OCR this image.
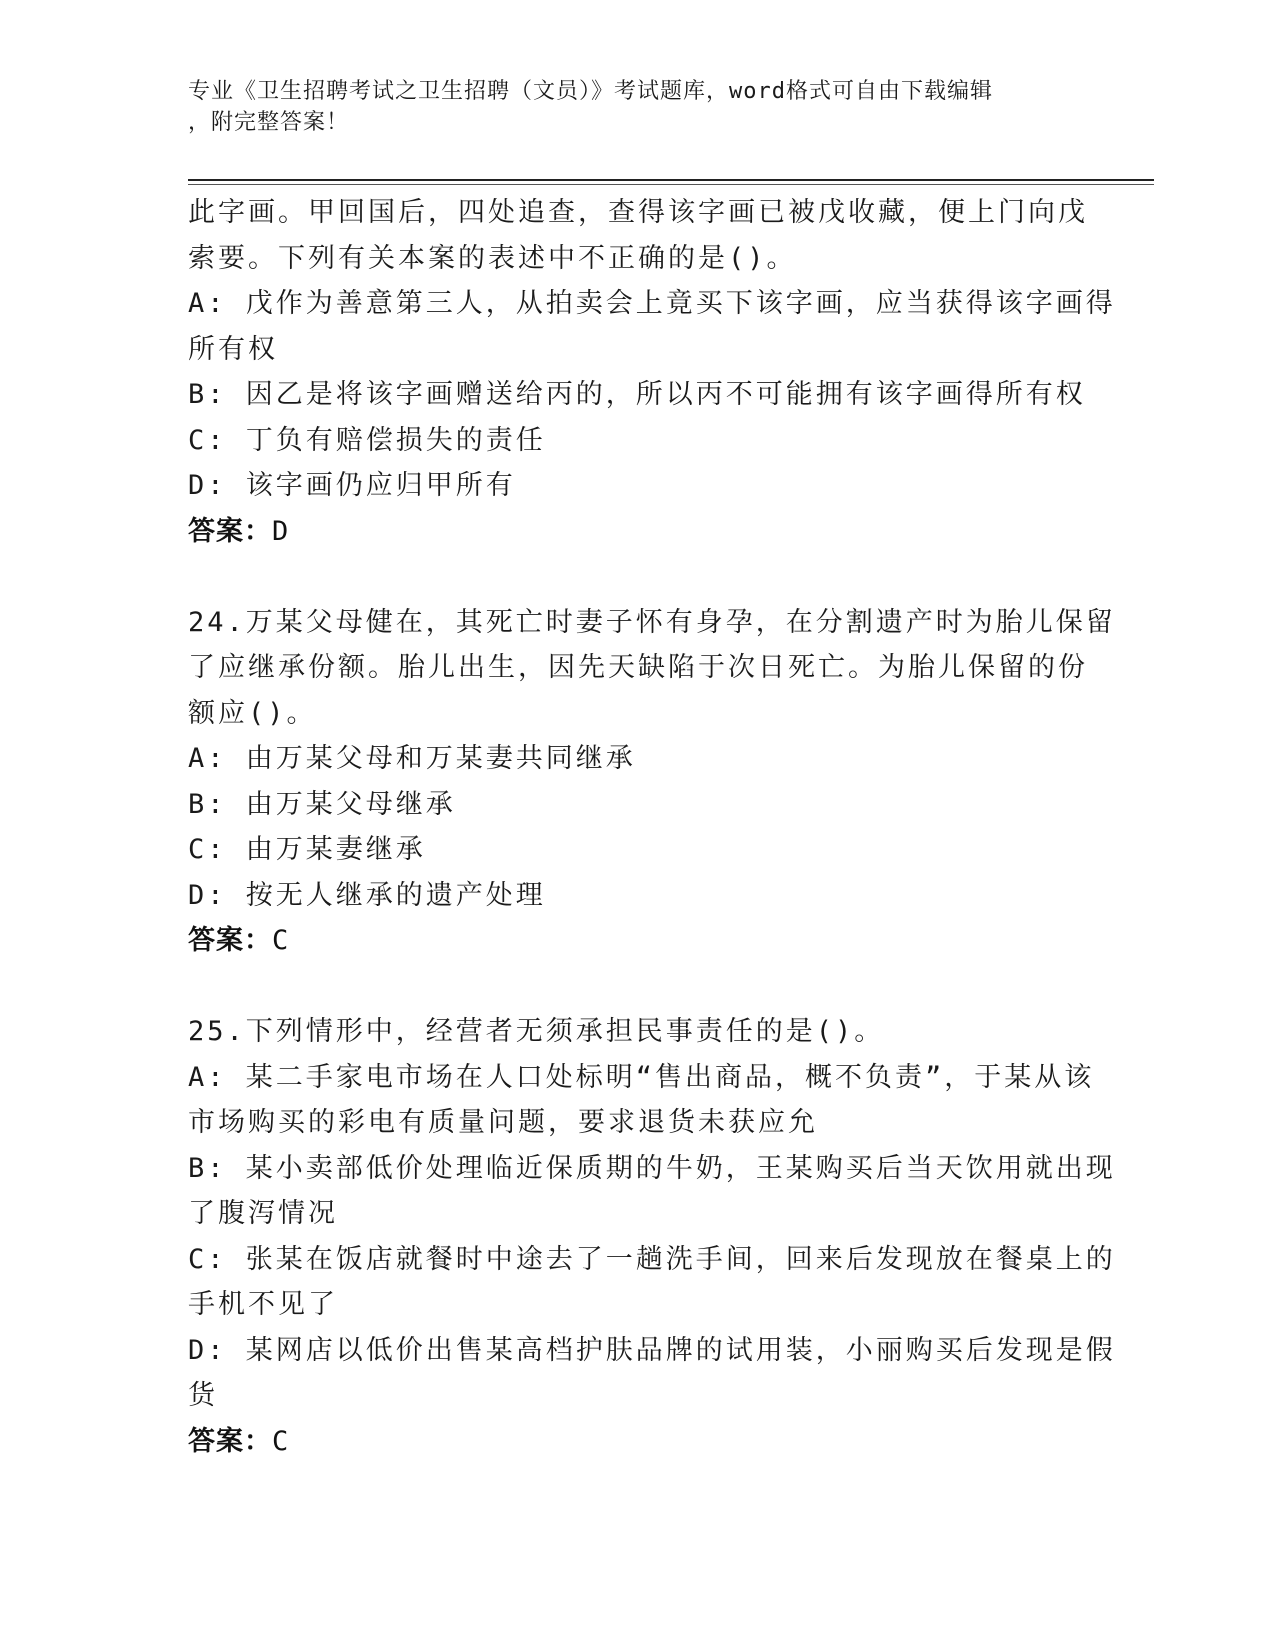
专业《卫生招聘考试之卫生招聘（文员）》考试题库，word格式可自由下载编辑
，附完整答案！
此字画。甲回国后，四处追查，查得该字画已被戊收藏，便上门向戊
索要。下列有关本案的表述中不正确的是()。
A: 戊作为善意第三人，从拍卖会上竟买下该字画，应当获得该字画得
所有权
B: 因乙是将该字画赠送给丙的，所以丙不可能拥有该字画得所有权
C: 丁负有赔偿损失的责任
D: 该字画仍应归甲所有
答案：D
24.万某父母健在，其死亡时妻子怀有身孕，在分割遗产时为胎儿保留
了应继承份额。胎儿出生，因先天缺陷于次日死亡。为胎儿保留的份
额应()。
A: 由万某父母和万某妻共同继承
B: 由万某父母继承
C: 由万某妻继承
D: 按无人继承的遗产处理
答案：C
25.下列情形中，经营者无须承担民事责任的是()。
A: 某二手家电市场在人口处标明“售出商品，概不负责”，于某从该
市场购买的彩电有质量问题，要求退货未获应允
B: 某小卖部低价处理临近保质期的牛奶，王某购买后当天饮用就出现
了腹泻情况
C: 张某在饭店就餐时中途去了一趟洗手间，回来后发现放在餐桌上的
手机不见了
D: 某网店以低价出售某高档护肤品牌的试用装，小丽购买后发现是假
货
答案：C
